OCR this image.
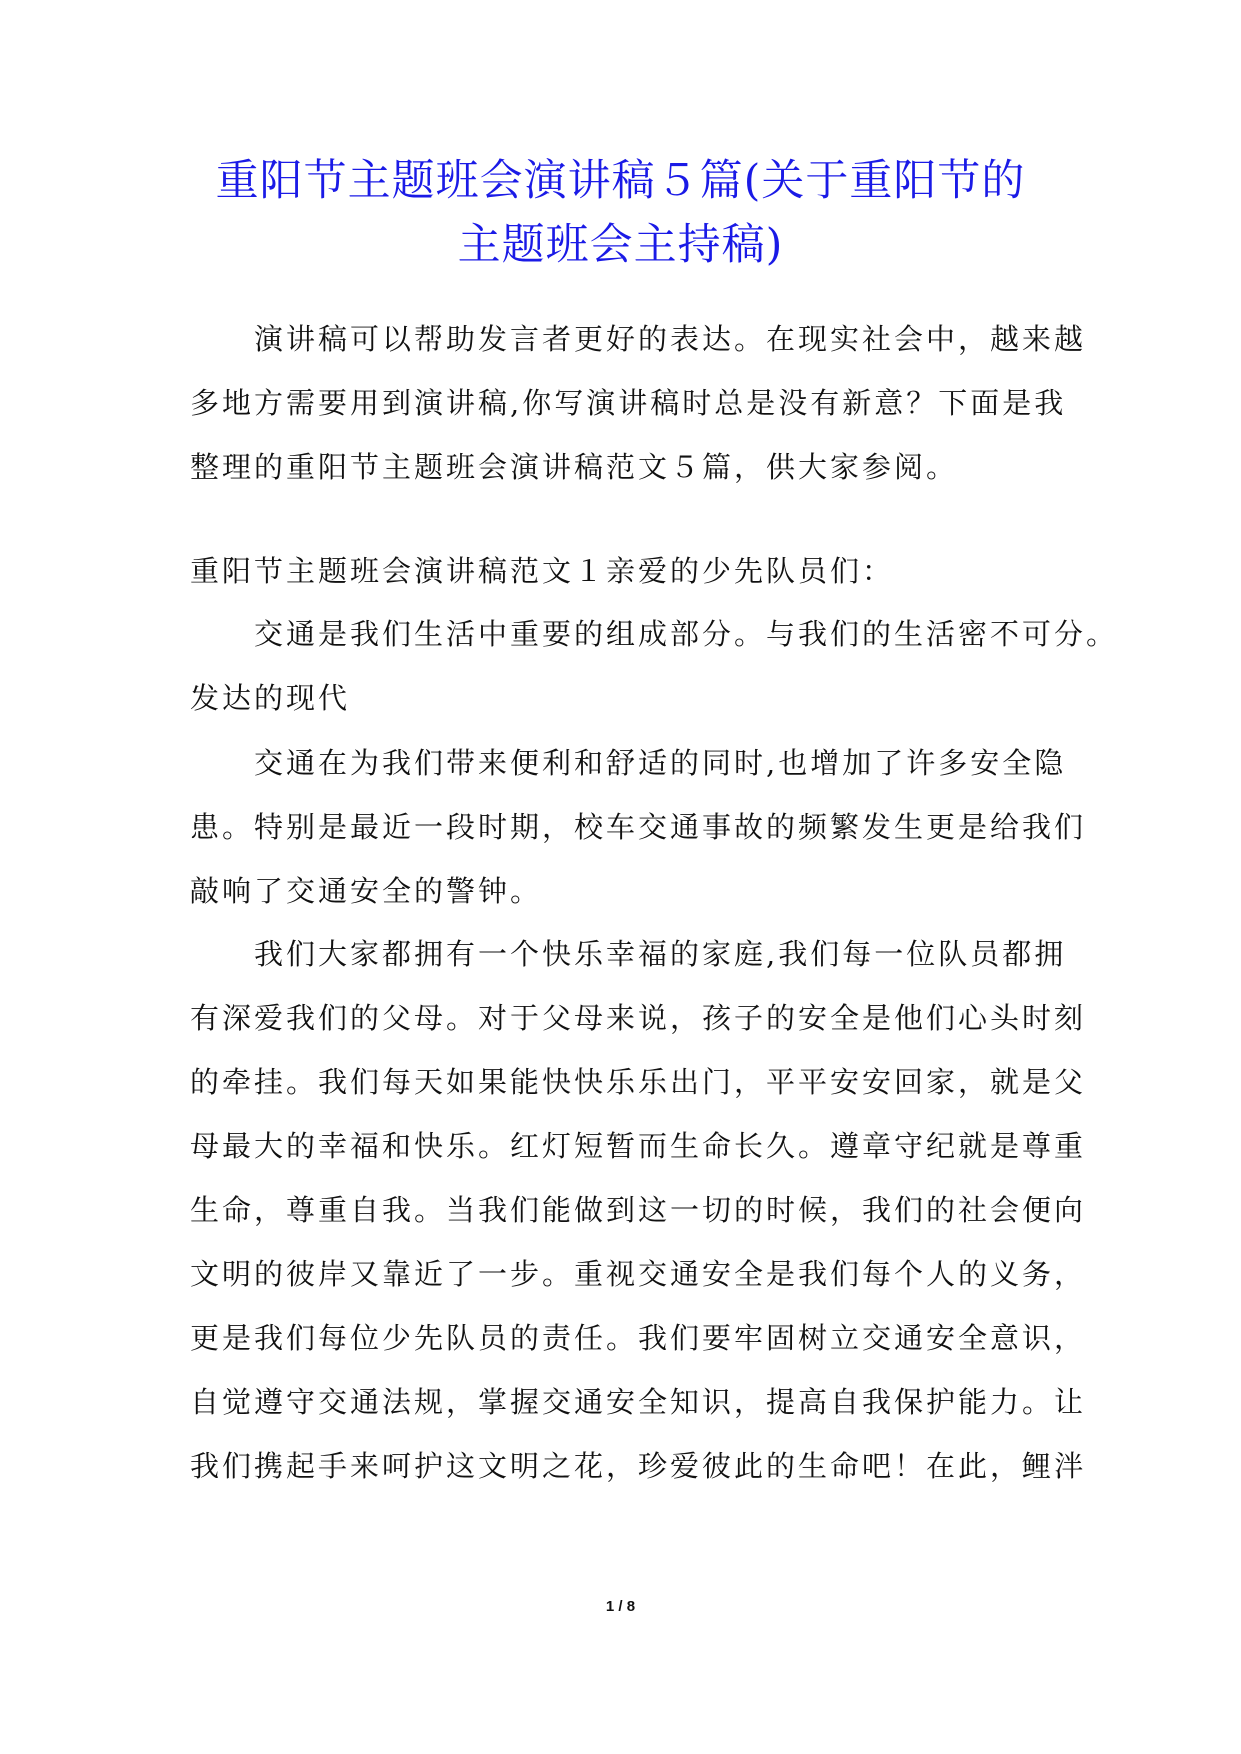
重阳节主题班会演讲稿５篇(关于重阳节的
主题班会主持稿)

　　演讲稿可以帮助发言者更好的表达。在现实社会中，越来越
多地方需要用到演讲稿,你写演讲稿时总是没有新意？下面是我
整理的重阳节主题班会演讲稿范文５篇，供大家参阅。

重阳节主题班会演讲稿范文１亲爱的少先队员们：

　　交通是我们生活中重要的组成部分。与我们的生活密不可分。
发达的现代

　　交通在为我们带来便利和舒适的同时,也增加了许多安全隐
患。特别是最近一段时期，校车交通事故的频繁发生更是给我们
敲响了交通安全的警钟。

　　我们大家都拥有一个快乐幸福的家庭,我们每一位队员都拥
有深爱我们的父母。对于父母来说，孩子的安全是他们心头时刻
的牵挂。我们每天如果能快快乐乐出门，平平安安回家，就是父
母最大的幸福和快乐。红灯短暂而生命长久。遵章守纪就是尊重
生命，尊重自我。当我们能做到这一切的时候，我们的社会便向
文明的彼岸又靠近了一步。重视交通安全是我们每个人的义务，
更是我们每位少先队员的责任。我们要牢固树立交通安全意识，
自觉遵守交通法规，掌握交通安全知识，提高自我保护能力。让
我们携起手来呵护这文明之花，珍爱彼此的生命吧！在此，鲤泮

1 / 8
